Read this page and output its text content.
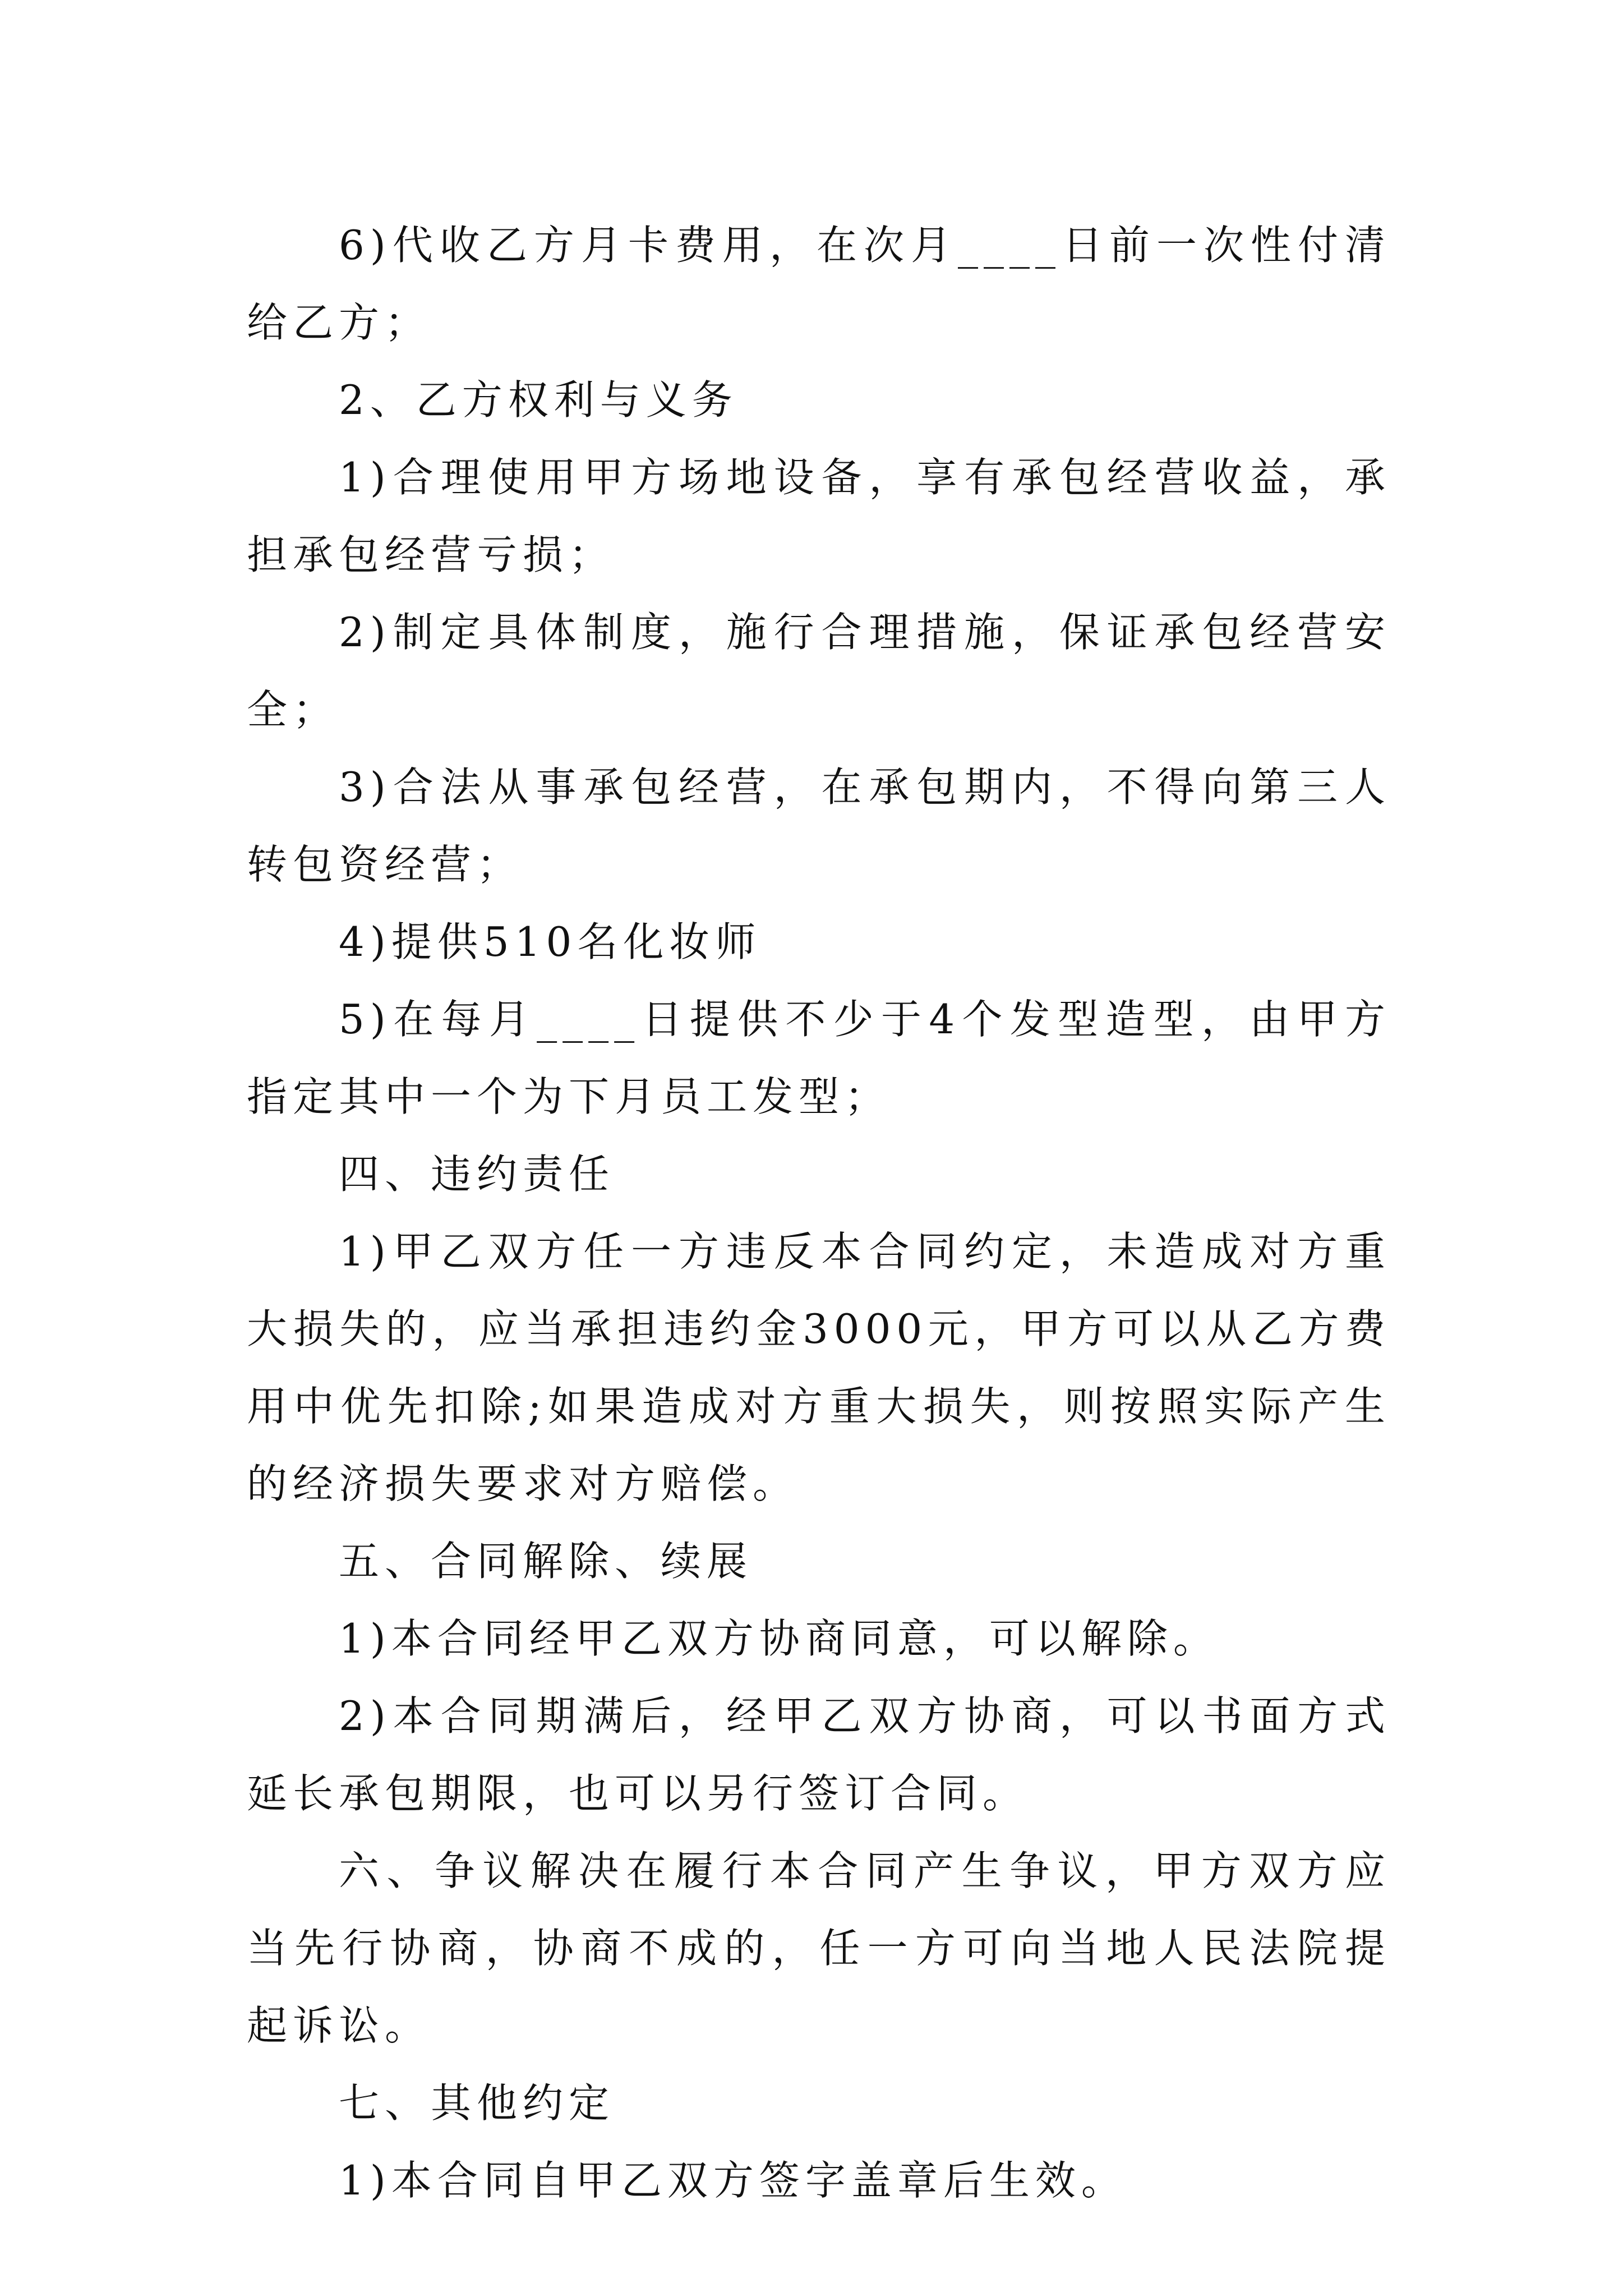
6)代收乙方月卡费用，在次月____日前一次性付清给乙方；

2、乙方权利与义务

1)合理使用甲方场地设备，享有承包经营收益，承担承包经营亏损；

2)制定具体制度，施行合理措施，保证承包经营安全；

3)合法从事承包经营，在承包期内，不得向第三人转包资经营；

4)提供510名化妆师

5)在每月____日提供不少于4个发型造型，由甲方指定其中一个为下月员工发型；

四、违约责任

1)甲乙双方任一方违反本合同约定，未造成对方重大损失的，应当承担违约金3000元，甲方可以从乙方费用中优先扣除;如果造成对方重大损失，则按照实际产生的经济损失要求对方赔偿。

五、合同解除、续展

1)本合同经甲乙双方协商同意，可以解除。

2)本合同期满后，经甲乙双方协商，可以书面方式延长承包期限，也可以另行签订合同。

六、争议解决在履行本合同产生争议，甲方双方应当先行协商，协商不成的，任一方可向当地人民法院提起诉讼。

七、其他约定

1)本合同自甲乙双方签字盖章后生效。
